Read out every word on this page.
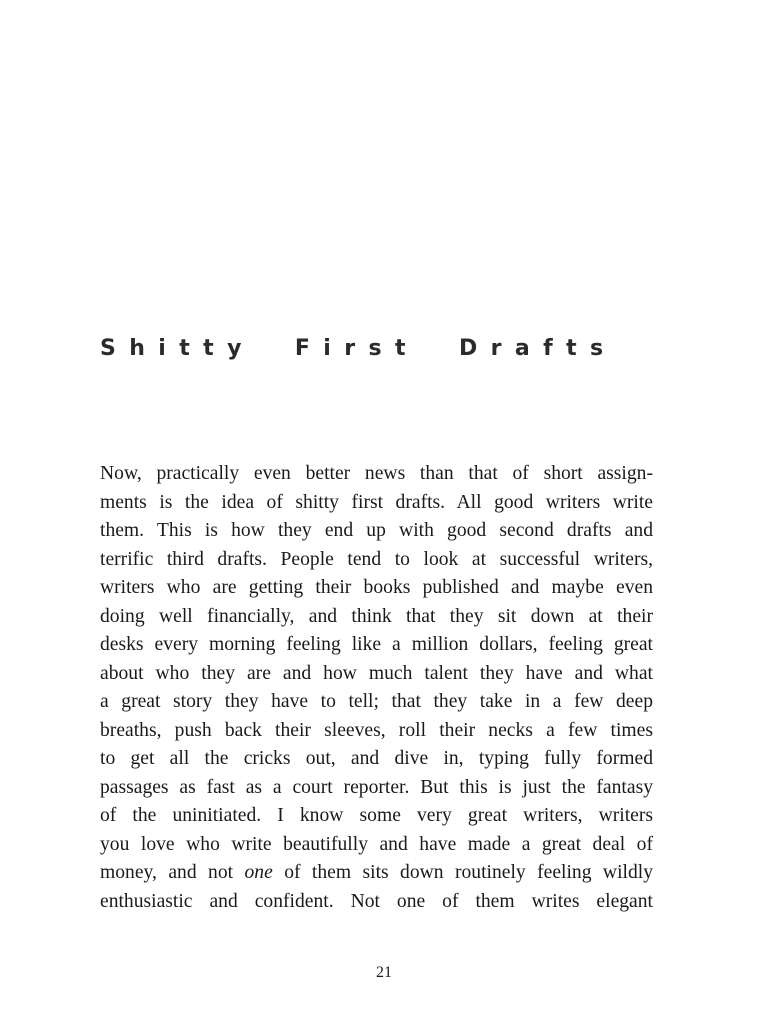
Shitty First Drafts
Now, practically even better news than that of short assign-
ments is the idea of shitty first drafts. All good writers write
them. This is how they end up with good second drafts and
terrific third drafts. People tend to look at successful writers,
writers who are getting their books published and maybe even
doing well financially, and think that they sit down at their
desks every morning feeling like a million dollars, feeling great
about who they are and how much talent they have and what
a great story they have to tell; that they take in a few deep
breaths, push back their sleeves, roll their necks a few times
to get all the cricks out, and dive in, typing fully formed
passages as fast as a court reporter. But this is just the fantasy
of the uninitiated. I know some very great writers, writers
you love who write beautifully and have made a great deal of
money, and not one of them sits down routinely feeling wildly
enthusiastic and confident. Not one of them writes elegant
21
